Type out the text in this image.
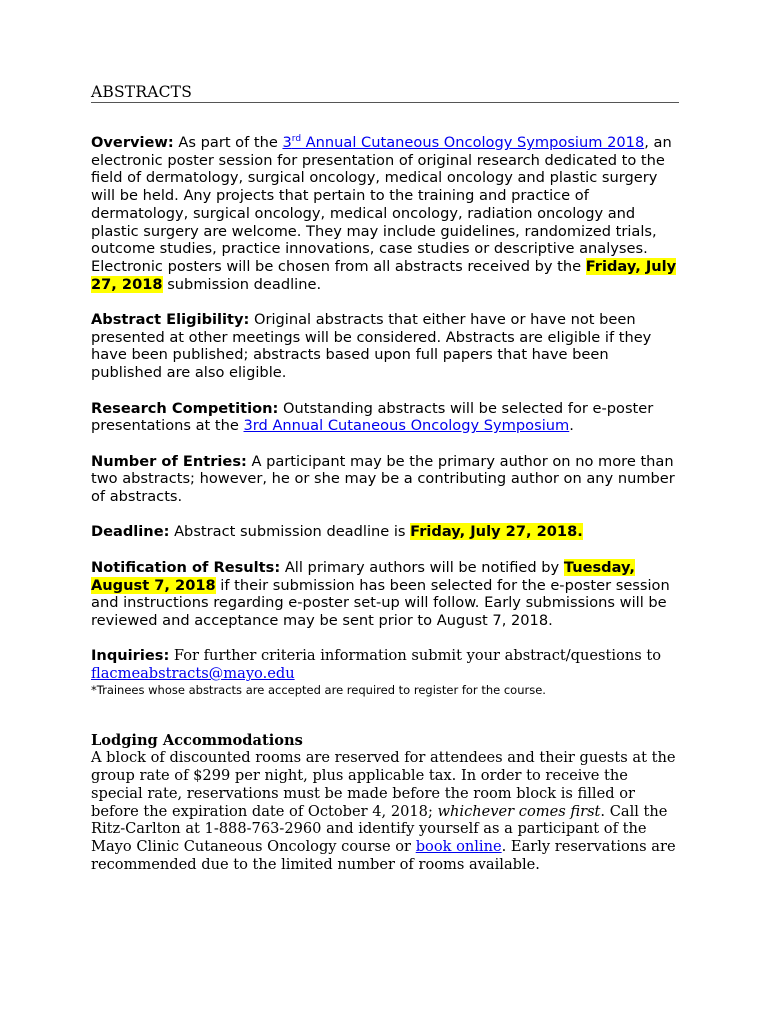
ABSTRACTS

Overview: As part of the 3rd Annual Cutaneous Oncology Symposium 2018, an electronic poster session for presentation of original research dedicated to the field of dermatology, surgical oncology, medical oncology and plastic surgery will be held. Any projects that pertain to the training and practice of dermatology, surgical oncology, medical oncology, radiation oncology and plastic surgery are welcome. They may include guidelines, randomized trials, outcome studies, practice innovations, case studies or descriptive analyses. Electronic posters will be chosen from all abstracts received by the Friday, July 27, 2018 submission deadline.

Abstract Eligibility: Original abstracts that either have or have not been presented at other meetings will be considered. Abstracts are eligible if they have been published; abstracts based upon full papers that have been published are also eligible.

Research Competition: Outstanding abstracts will be selected for e-poster presentations at the 3rd Annual Cutaneous Oncology Symposium.

Number of Entries: A participant may be the primary author on no more than two abstracts; however, he or she may be a contributing author on any number of abstracts.

Deadline: Abstract submission deadline is Friday, July 27, 2018.

Notification of Results: All primary authors will be notified by Tuesday, August 7, 2018 if their submission has been selected for the e-poster session and instructions regarding e-poster set-up will follow. Early submissions will be reviewed and acceptance may be sent prior to August 7, 2018.

Inquiries: For further criteria information submit your abstract/questions to flacmeabstracts@mayo.edu

*Trainees whose abstracts are accepted are required to register for the course.

Lodging Accommodations

A block of discounted rooms are reserved for attendees and their guests at the group rate of $299 per night, plus applicable tax. In order to receive the special rate, reservations must be made before the room block is filled or before the expiration date of October 4, 2018; whichever comes first. Call the Ritz-Carlton at 1-888-763-2960 and identify yourself as a participant of the Mayo Clinic Cutaneous Oncology course or book online. Early reservations are recommended due to the limited number of rooms available.
